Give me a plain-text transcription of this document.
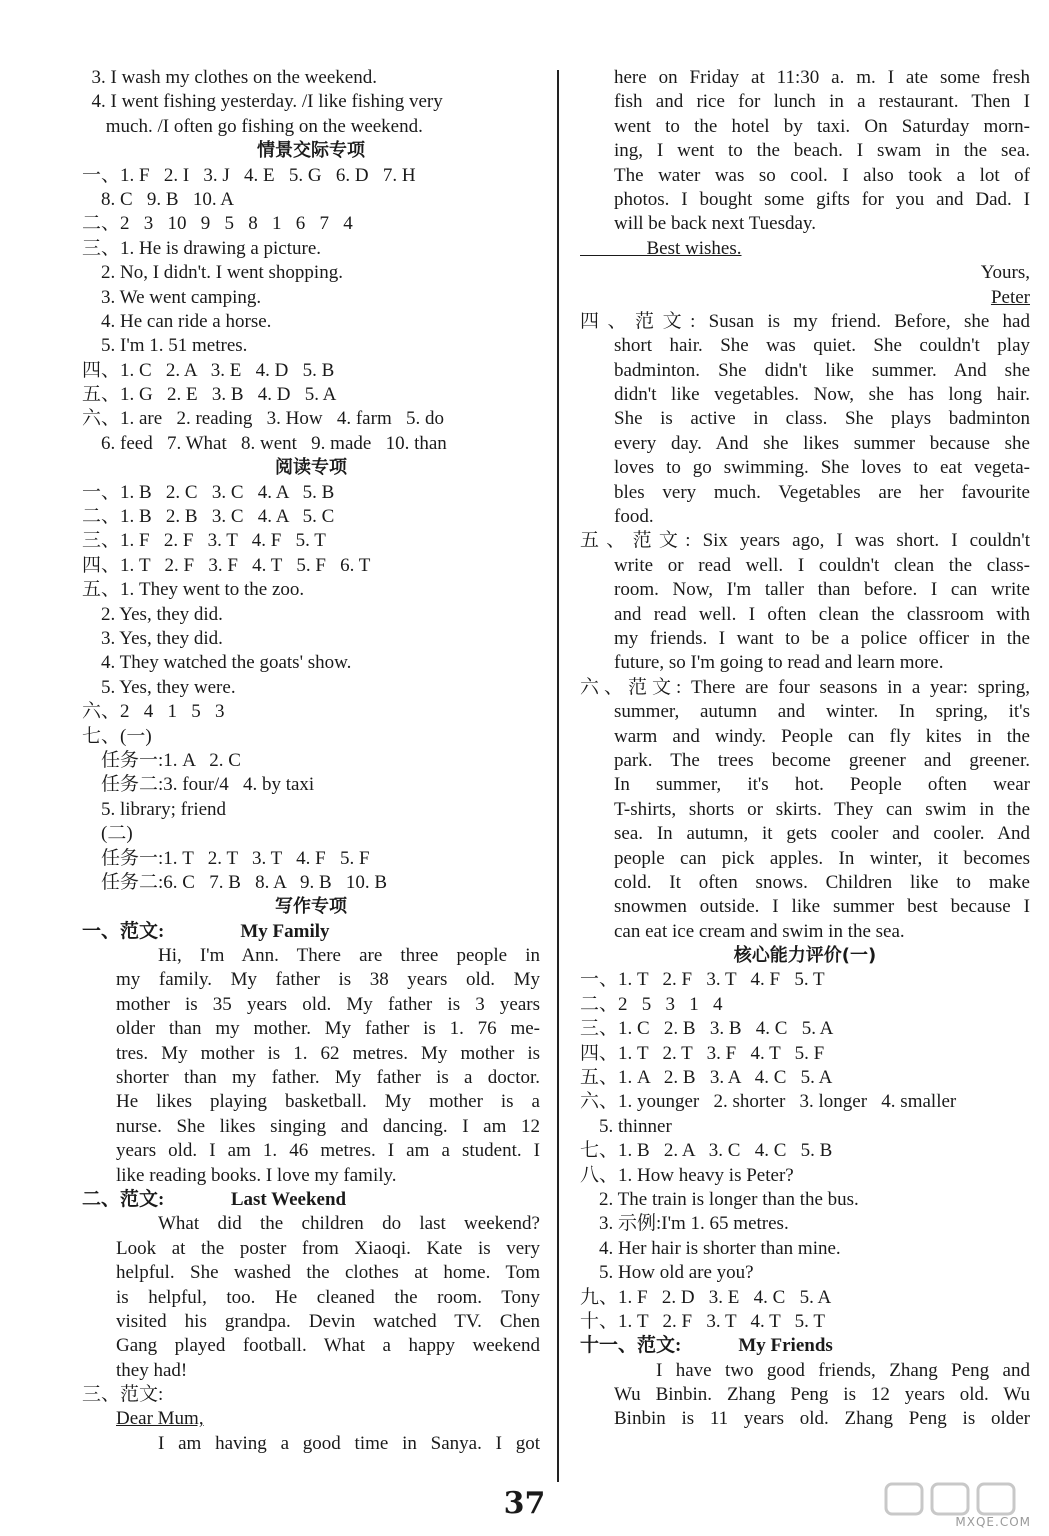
3. I wash my clothes on the weekend.
4. I went fishing yesterday. /I like fishing very
much. /I often go fishing on the weekend.
情景交际专项
一、1. F   2. I   3. J   4. E   5. G   6. D   7. H
8. C   9. B   10. A
二、2   3   10   9   5   8   1   6   7   4
三、1. He is drawing a picture.
2. No, I didn't. I went shopping.
3. We went camping.
4. He can ride a horse.
5. I'm 1. 51 metres.
四、1. C   2. A   3. E   4. D   5. B
五、1. G   2. E   3. B   4. D   5. A
六、1. are   2. reading   3. How   4. farm   5. do
6. feed   7. What   8. went   9. made   10. than
阅读专项
一、1. B   2. C   3. C   4. A   5. B
二、1. B   2. B   3. C   4. A   5. C
三、1. F   2. F   3. T   4. F   5. T
四、1. T   2. F   3. F   4. T   5. F   6. T
五、1. They went to the zoo.
2. Yes, they did.
3. Yes, they did.
4. They watched the goats' show.
5. Yes, they were.
六、2   4   1   5   3
七、(一)
任务一:1. A   2. C
任务二:3. four/4   4. by taxi
5. library; friend
(二)
任务一:1. T   2. T   3. T   4. F   5. F
任务二:6. C   7. B   8. A   9. B   10. B
写作专项
一、范文:                My Family
Hi, I'm Ann. There are three people in
my family. My father is 38 years old. My
mother is 35 years old. My father is 3 years
older than my mother. My father is 1. 76 me-
tres. My mother is 1. 62 metres. My mother is
shorter than my father. My father is a doctor.
He likes playing basketball. My mother is a
nurse. She likes singing and dancing. I am 12
years old. I am 1. 46 metres. I am a student. I
like reading books. I love my family.
二、范文:              Last Weekend
What did the children do last weekend?
Look at the poster from Xiaoqi. Kate is very
helpful. She washed the clothes at home. Tom
is helpful, too. He cleaned the room. Tony
visited his grandpa. Devin watched TV. Chen
Gang played football. What a happy weekend
they had!
三、范文:
Dear Mum,
I am having a good time in Sanya. I got
here on Friday at 11:30 a. m. I ate some fresh
fish and rice for lunch in a restaurant. Then I
went to the hotel by taxi. On Saturday morn-
ing, I went to the beach. I swam in the sea.
The water was so cool. I also took a lot of
photos. I bought some gifts for you and Dad. I
will be back next Tuesday.
Best wishes.
Yours,
Peter
四、范文: Susan is my friend. Before, she had
short hair. She was quiet. She couldn't play
badminton. She didn't like summer. And she
didn't like vegetables. Now, she has long hair.
She is active in class. She plays badminton
every day. And she likes summer because she
loves to go swimming. She loves to eat vegeta-
bles very much. Vegetables are her favourite
food.
五、范文: Six years ago, I was short. I couldn't
write or read well. I couldn't clean the class-
room. Now, I'm taller than before. I can write
and read well. I often clean the classroom with
my friends. I want to be a police officer in the
future, so I'm going to read and learn more.
六、范文: There are four seasons in a year: spring,
summer, autumn and winter. In spring, it's
warm and windy. People can fly kites in the
park. The trees become greener and greener.
In summer, it's hot. People often wear
T-shirts, shorts or skirts. They can swim in the
sea. In autumn, it gets cooler and cooler. And
people can pick apples. In winter, it becomes
cold. It often snows. Children like to make
snowmen outside. I like summer best because I
can eat ice cream and swim in the sea.
核心能力评价(一)
一、1. T   2. F   3. T   4. F   5. T
二、2   5   3   1   4
三、1. C   2. B   3. B   4. C   5. A
四、1. T   2. T   3. F   4. T   5. F
五、1. A   2. B   3. A   4. C   5. A
六、1. younger   2. shorter   3. longer   4. smaller
5. thinner
七、1. B   2. A   3. C   4. C   5. B
八、1. How heavy is Peter?
2. The train is longer than the bus.
3. 示例:I'm 1. 65 metres.
4. Her hair is shorter than mine.
5. How old are you?
九、1. F   2. D   3. E   4. C   5. A
十、1. T   2. F   3. T   4. T   5. T
十一、范文:            My Friends
I have two good friends, Zhang Peng and
Wu Binbin. Zhang Peng is 12 years old. Wu
Binbin is 11 years old. Zhang Peng is older
37
MXQE.COM
